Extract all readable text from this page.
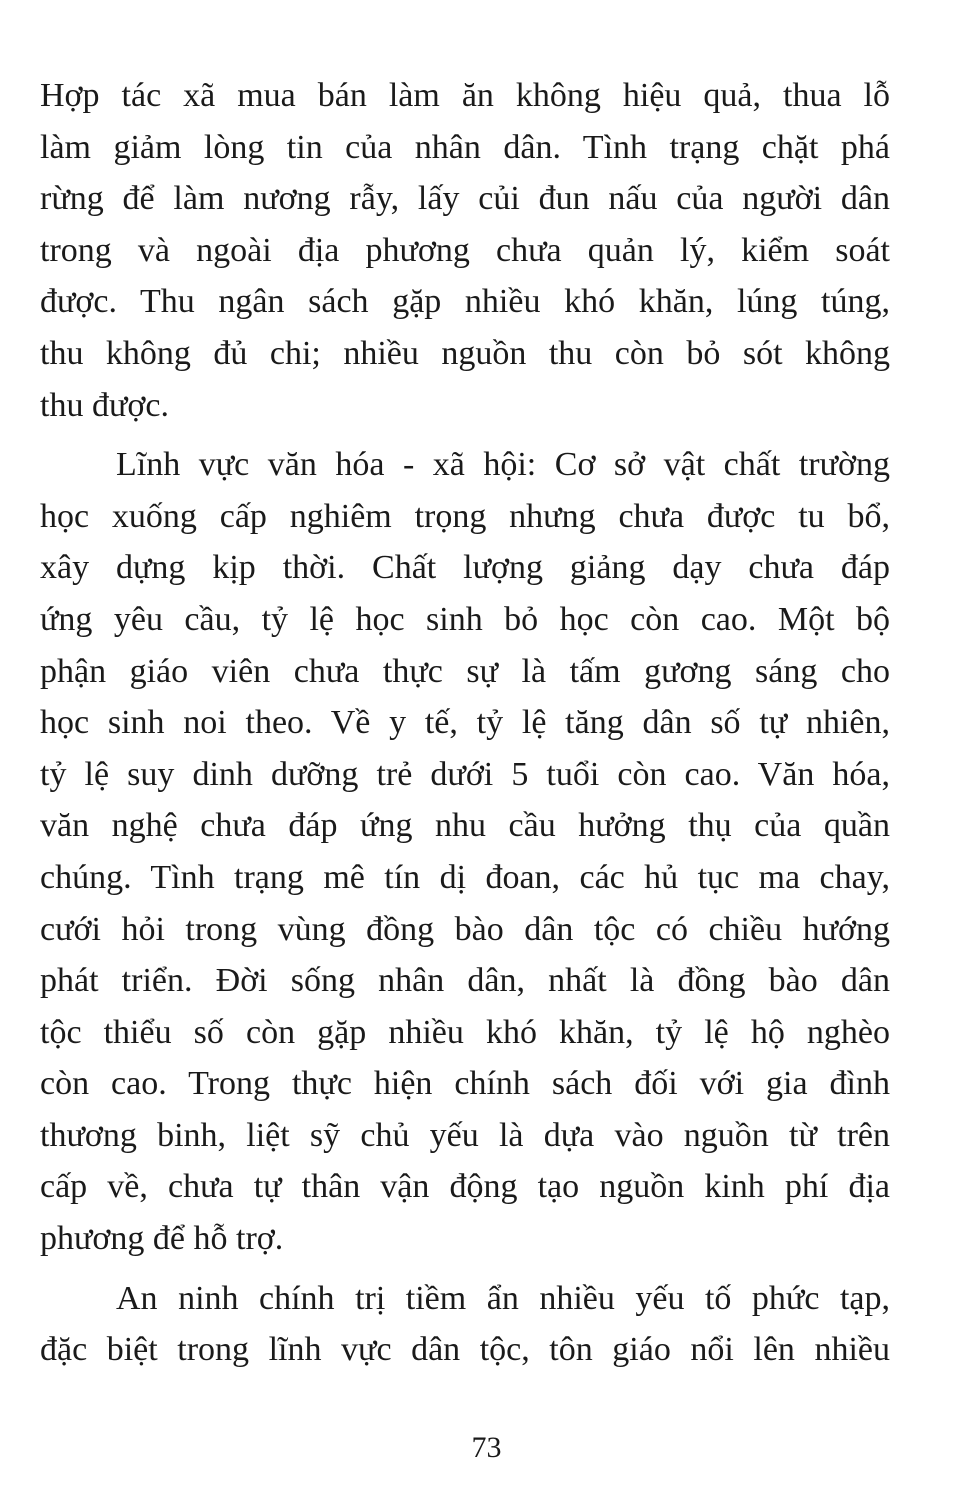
Hợp tác xã mua bán làm ăn không hiệu quả, thua lỗ
làm giảm lòng tin của nhân dân. Tình trạng chặt phá
rừng để làm nương rẫy, lấy củi đun nấu của người dân
trong và ngoài địa phương chưa quản lý, kiểm soát
được. Thu ngân sách gặp nhiều khó khăn, lúng túng,
thu không đủ chi; nhiều nguồn thu còn bỏ sót không
thu được.
Lĩnh vực văn hóa - xã hội: Cơ sở vật chất trường
học xuống cấp nghiêm trọng nhưng chưa được tu bổ,
xây dựng kịp thời. Chất lượng giảng dạy chưa đáp
ứng yêu cầu, tỷ lệ học sinh bỏ học còn cao. Một bộ
phận giáo viên chưa thực sự là tấm gương sáng cho
học sinh noi theo. Về y tế, tỷ lệ tăng dân số tự nhiên,
tỷ lệ suy dinh dưỡng trẻ dưới 5 tuổi còn cao. Văn hóa,
văn nghệ chưa đáp ứng nhu cầu hưởng thụ của quần
chúng. Tình trạng mê tín dị đoan, các hủ tục ma chay,
cưới hỏi trong vùng đồng bào dân tộc có chiều hướng
phát triển. Đời sống nhân dân, nhất là đồng bào dân
tộc thiểu số còn gặp nhiều khó khăn, tỷ lệ hộ nghèo
còn cao. Trong thực hiện chính sách đối với gia đình
thương binh, liệt sỹ chủ yếu là dựa vào nguồn từ trên
cấp về, chưa tự thân vận động tạo nguồn kinh phí địa
phương để hỗ trợ.
An ninh chính trị tiềm ẩn nhiều yếu tố phức tạp,
đặc biệt trong lĩnh vực dân tộc, tôn giáo nổi lên nhiều
73
